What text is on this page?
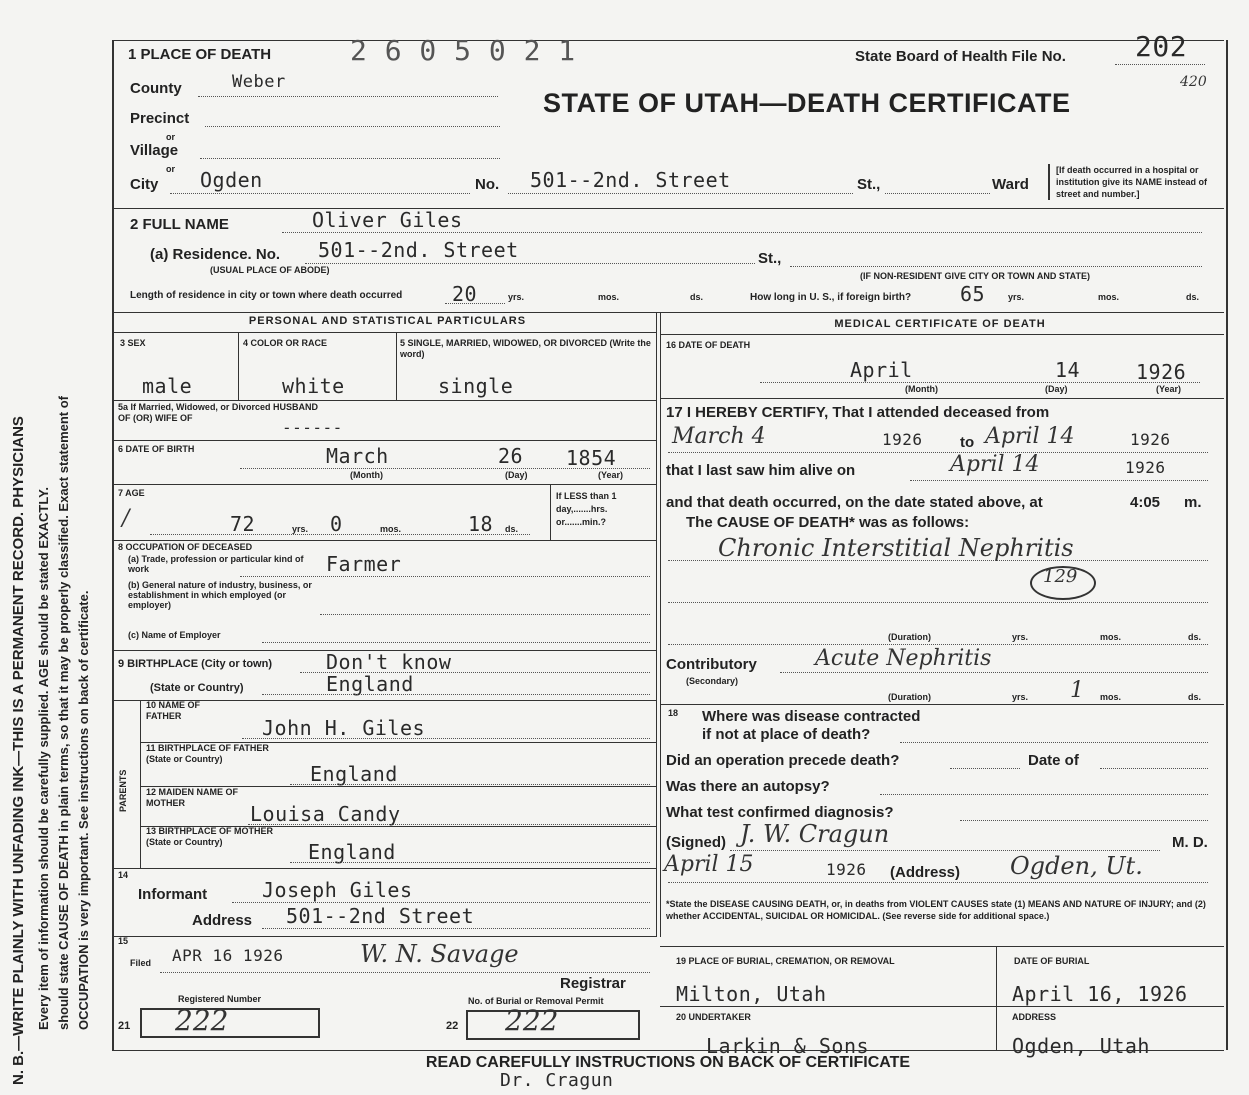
N. B.—WRITE PLAINLY WITH UNFADING INK—THIS IS A PERMANENT RECORD. PHYSICIANS
Every item of information should be carefully supplied. AGE should be stated EXACTLY. should state CAUSE OF DEATH in plain terms, so that it may be properly classified. Exact statement of OCCUPATION is very important. See instructions on back of certificate.
1 PLACE OF DEATH	2 6 0 5 0 2 1	State Board of Health File No. 202
420
STATE OF UTAH—DEATH CERTIFICATE
County	Weber
Precinct
or
Village
or
City Ogden	No. 501--2nd. Street	St.,	Ward
[If death occurred in a hospital or institution give its NAME instead of street and number.]
2 FULL NAME	Oliver Giles
(a) Residence. No. 501--2nd. Street	St.,
(USUAL PLACE OF ABODE)
(IF NON-RESIDENT GIVE CITY OR TOWN AND STATE)
Length of residence in city or town where death occurred 20	yrs.	mos.	ds.	How long in U. S., if foreign birth? 65	yrs.	mos.	ds.
PERSONAL AND STATISTICAL PARTICULARS	MEDICAL CERTIFICATE OF DEATH
3 SEX
male
4 COLOR OR RACE
white
5 SINGLE, MARRIED, WIDOWED, OR DIVORCED (Write the word)
single
5a If Married, Widowed, or Divorced HUSBAND OF (OR) WIFE OF	------
6 DATE OF BIRTH	March	26 1854
(Month)	(Day)	(Year)
7 AGE
/	72	yrs. 0	mos.	18 ds.
If LESS than 1 day,.......hrs. or.......min.?
8 OCCUPATION OF DECEASED
(a) Trade, profession or particular kind of work	Farmer
(b) General nature of industry, business, or establishment in which employed (or employer)
(c) Name of Employer
9 BIRTHPLACE (City or town)	Don't know
(State or Country)	England
PARENTS
10 NAME OF FATHER	John H. Giles
11 BIRTHPLACE OF FATHER (State or Country)
England
12 MAIDEN NAME OF MOTHER	Louisa Candy
13 BIRTHPLACE OF MOTHER (State or Country)	England
14
Informant	Joseph Giles
Address 501--2nd Street
15
Filed APR 16 1926	W. N. Savage
Registrar
Registered Number	No. of Burial or Removal Permit
21 222	22 222
16 DATE OF DEATH
April	14	1926
(Month)	(Day)	(Year)
17 I HEREBY CERTIFY, That I attended deceased from
March 4	1926 to April 14	1926
that I last saw him alive on	April 14	1926
and that death occurred, on the date stated above, at	4:05 m.
The CAUSE OF DEATH* was as follows:
Chronic Interstitial Nephritis
129
(Duration)	yrs.	mos.	ds.
Contributory
(Secondary)
Acute Nephritis
(Duration)	1
yrs.	mos.	ds.
18 Where was disease contracted
if not at place of death?
Did an operation precede death?	Date of
Was there an autopsy?
What test confirmed diagnosis?
(Signed) J. W. Cragun	M. D.
April 15	1926 (Address) Ogden, Ut.
*State the DISEASE CAUSING DEATH, or, in deaths from VIOLENT CAUSES state (1) MEANS AND NATURE OF INJURY; and (2) whether ACCIDENTAL, SUICIDAL OR HOMICIDAL. (See reverse side for additional space.)
19 PLACE OF BURIAL, CREMATION, OR REMOVAL
Milton, Utah
DATE OF BURIAL
April 16, 1926
20 UNDERTAKER
Larkin & Sons
ADDRESS
Ogden, Utah
READ CAREFULLY INSTRUCTIONS ON BACK OF CERTIFICATE
Dr. Cragun
